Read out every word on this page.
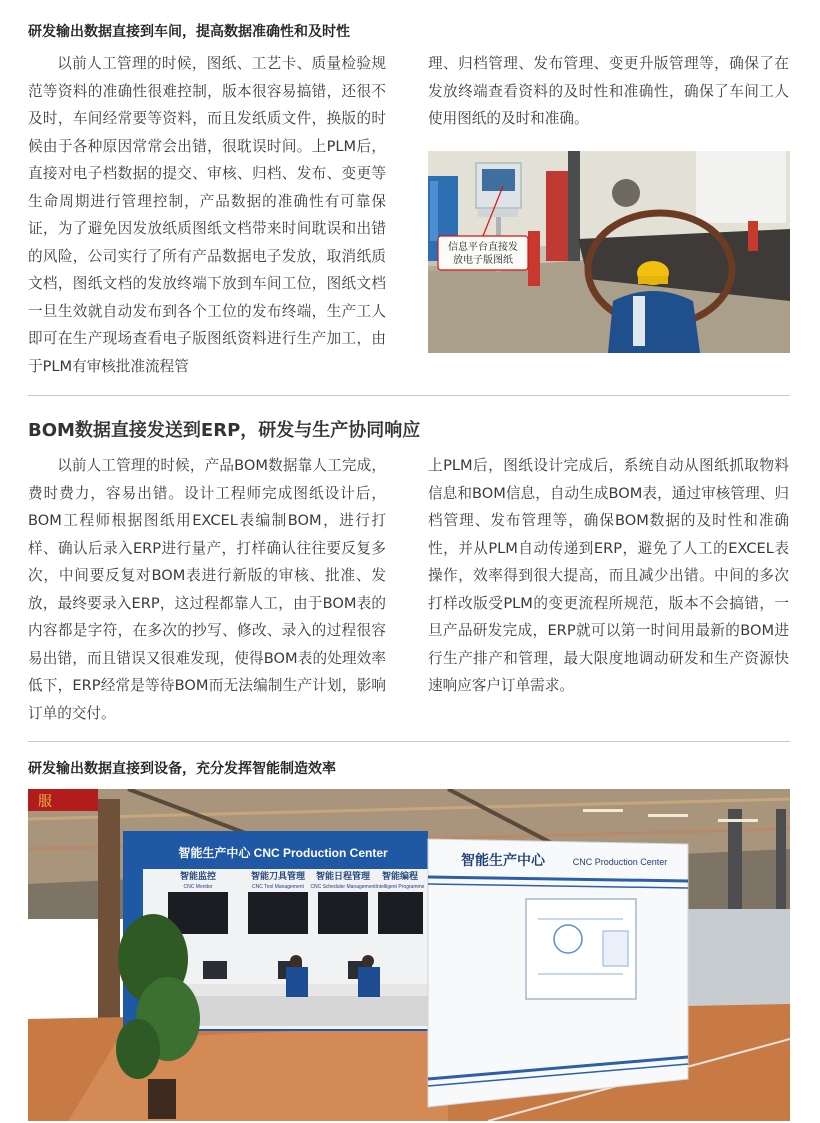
研发输出数据直接到车间，提高数据准确性和及时性

以前人工管理的时候，图纸、工艺卡、质量检验规范等资料的准确性很难控制，版本很容易搞错，还很不及时，车间经常要等资料，而且发纸质文件，换版的时候由于各种原因常常会出错，很耽误时间。上PLM后，直接对电子档数据的提交、审核、归档、发布、变更等生命周期进行管理控制，产品数据的准确性有可靠保证，为了避免因发放纸质图纸文档带来时间耽误和出错的风险，公司实行了所有产品数据电子发放，取消纸质文档，图纸文档的发放终端下放到车间工位，图纸文档一旦生效就自动发布到各个工位的发布终端，生产工人即可在生产现场查看电子版图纸资料进行生产加工，由于PLM有审核批准流程管

理、归档管理、发布管理、变更升版管理等，确保了在发放终端查看资料的及时性和准确性，确保了车间工人使用图纸的及时和准确。

信息平台直接发
放电子版图纸
BOM数据直接发送到ERP，研发与生产协同响应

以前人工管理的时候，产品BOM数据靠人工完成，费时费力，容易出错。设计工程师完成图纸设计后，BOM工程师根据图纸用EXCEL表编制BOM，进行打样、确认后录入ERP进行量产，打样确认往往要反复多次，中间要反复对BOM表进行新版的审核、批准、发放，最终要录入ERP，这过程都靠人工，由于BOM表的内容都是字符，在多次的抄写、修改、录入的过程很容易出错，而且错误又很难发现，使得BOM表的处理效率低下，ERP经常是等待BOM而无法编制生产计划，影响订单的交付。

上PLM后，图纸设计完成后，系统自动从图纸抓取物料信息和BOM信息，自动生成BOM表，通过审核管理、归档管理、发布管理等，确保BOM数据的及时性和准确性，并从PLM自动传递到ERP，避免了人工的EXCEL表操作，效率得到很大提高，而且减少出错。中间的多次打样改版受PLM的变更流程所规范，版本不会搞错，一旦产品研发完成，ERP就可以第一时间用最新的BOM进行生产排产和管理，最大限度地调动研发和生产资源快速响应客户订单需求。

研发输出数据直接到设备，充分发挥智能制造效率
服
智能生产中心 CNC Production Center
智能监控
CNC Monitor
智能刀具管理
CNC Tool Management
智能日程管理
CNC Scheduler Management
智能编程
Intelligent Programme
智能生产中心	CNC Production Center
